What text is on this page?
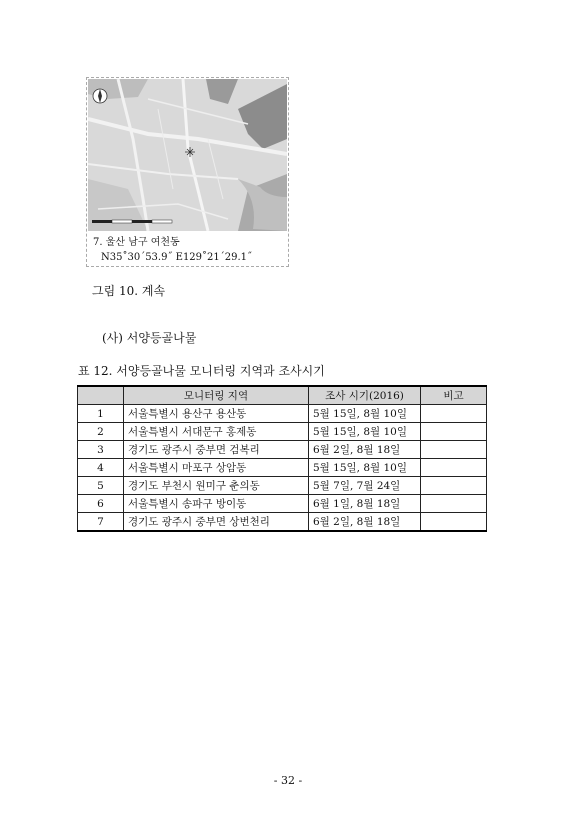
7. 울산 남구 여천동
N35˚30´53.9˝ E129˚21´29.1˝
그림 10. 계속
(사) 서양등골나물
표 12. 서양등골나물 모니터링 지역과 조사시기
	모니터링 지역	조사 시기(2016)	비고
1	서울특별시 용산구 용산동	5월 15일, 8월 10일	
2	서울특별시 서대문구 홍제동	5월 15일, 8월 10일	
3	경기도 광주시 중부면 검복리	6월 2일, 8월 18일	
4	서울특별시 마포구 상암동	5월 15일, 8월 10일	
5	경기도 부천시 원미구 춘의동	5월 7일, 7월 24일	
6	서울특별시 송파구 방이동	6월 1일, 8월 18일	
7	경기도 광주시 중부면 상번천리	6월 2일, 8월 18일	
- 32 -
